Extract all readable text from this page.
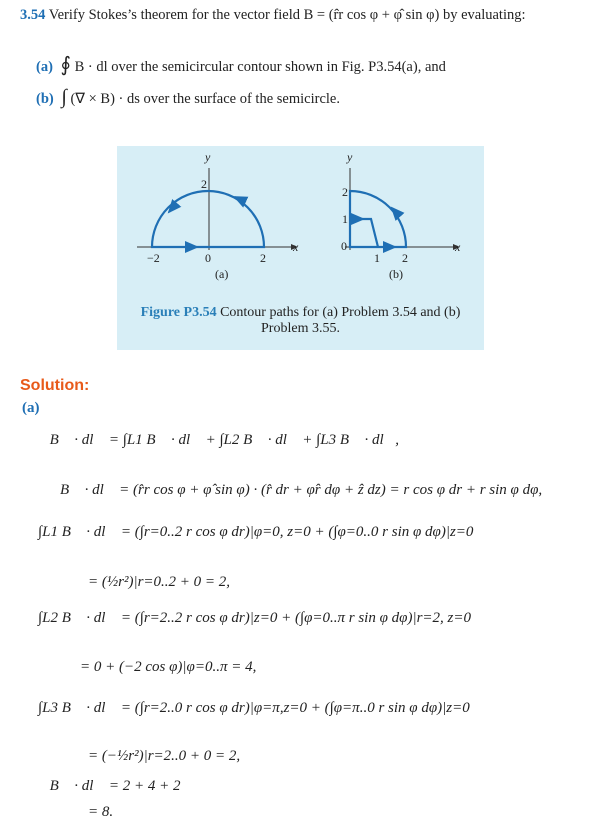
3.54 Verify Stokes’s theorem for the vector field B = (r̂r cos φ + φ̂ sin φ) by evaluating:
(a) ∮ B · dl over the semicircular contour shown in Fig. P3.54(a), and
(b) ∫ (∇ × B) · ds over the surface of the semicircle.
y
2
−2	0	2
x
(a)
y
2
1
0
1 2
x
(b)
Figure P3.54 Contour paths for (a) Problem 3.54 and (b) Problem 3.55.
Solution:
(a)
∮B⃗ · dl⃗ = ∫L1 B⃗ · dl⃗ + ∫L2 B⃗ · dl⃗ + ∫L3 B⃗ · dl⃗,
B⃗ · dl⃗ = (r̂r cos φ + φ̂ sin φ) · (r̂ dr + φ̂r dφ + ẑ dz) = r cos φ dr + r sin φ dφ,
∫L1 B⃗ · dl⃗ = (∫r=0..2 r cos φ dr)|φ=0, z=0 + (∫φ=0..0 r sin φ dφ)|z=0
= (½r²)|r=0..2 + 0 = 2,
∫L2 B⃗ · dl⃗ = (∫r=2..2 r cos φ dr)|z=0 + (∫φ=0..π r sin φ dφ)|r=2, z=0
= 0 + (−2 cos φ)|φ=0..π = 4,
∫L3 B⃗ · dl⃗ = (∫r=2..0 r cos φ dr)|φ=π,z=0 + (∫φ=π..0 r sin φ dφ)|z=0
= (−½r²)|r=2..0 + 0 = 2,
∮B⃗ · dl⃗ = 2 + 4 + 2
= 8.
